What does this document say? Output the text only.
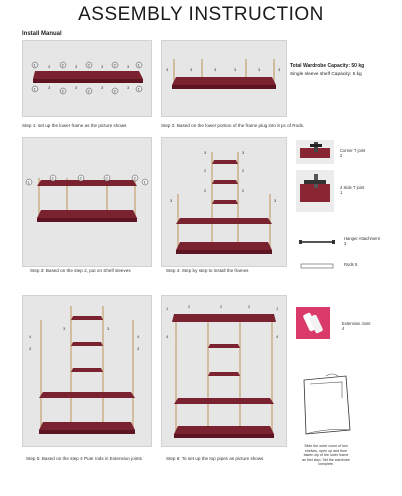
ASSEMBLY INSTRUCTION
Install Manual
1	2	2	2	1
1	2	2	2	1
3	3	3	3
3	3	3	3
Step 1: set up the lower frame as the picture shows
3	3	3	3	3	3
Step 2: Based on the lower portion of the frame plug into 8 pc of Rods.
Total Wardrobe Capacity: 50 kg
Single sleeve shelf Capacity: 5 kg
1
2	2	2	2
1
Step 3: Based on the step 2, put on Shelf sleeves
3	3
2	2
2	2
3	3
Step 4: Step by step to install the frames
Corner T joint
2
4 Side T joint
1
Hanger Attachment
3
Rods 5
4	4
3	3
3	3
Step 5: Based on the step 4 Pute rods in Extension joints
1	2	2	2	1
4	4
Step 6: To set up the top pipes as picture shows
Extension Joint
4
Slide the outer cover of two shelves, open up and then fasten zip of the outer frame as first step. Set the wardrobe complete.
